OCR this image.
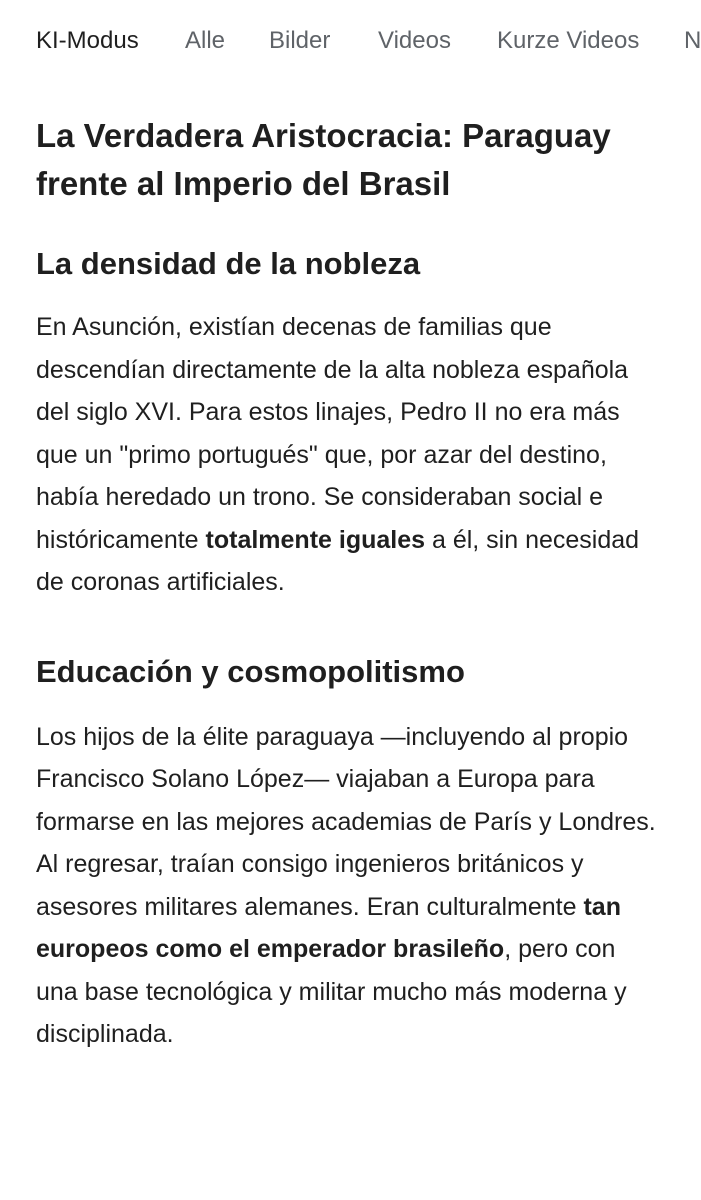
KI-Modus Alle Bilder Videos Kurze Videos N
La Verdadera Aristocracia: Paraguay frente al Imperio del Brasil
La densidad de la nobleza

En Asunción, existían decenas de familias que descendían directamente de la alta nobleza española del siglo XVI. Para estos linajes, Pedro II no era más que un "primo portugués" que, por azar del destino, había heredado un trono. Se consideraban social e históricamente totalmente iguales a él, sin necesidad de coronas artificiales.

Educación y cosmopolitismo

Los hijos de la élite paraguaya —incluyendo al propio Francisco Solano López— viajaban a Europa para formarse en las mejores academias de París y Londres. Al regresar, traían consigo ingenieros británicos y asesores militares alemanes. Eran culturalmente tan europeos como el emperador brasileño, pero con una base tecnológica y militar mucho más moderna y disciplinada.
